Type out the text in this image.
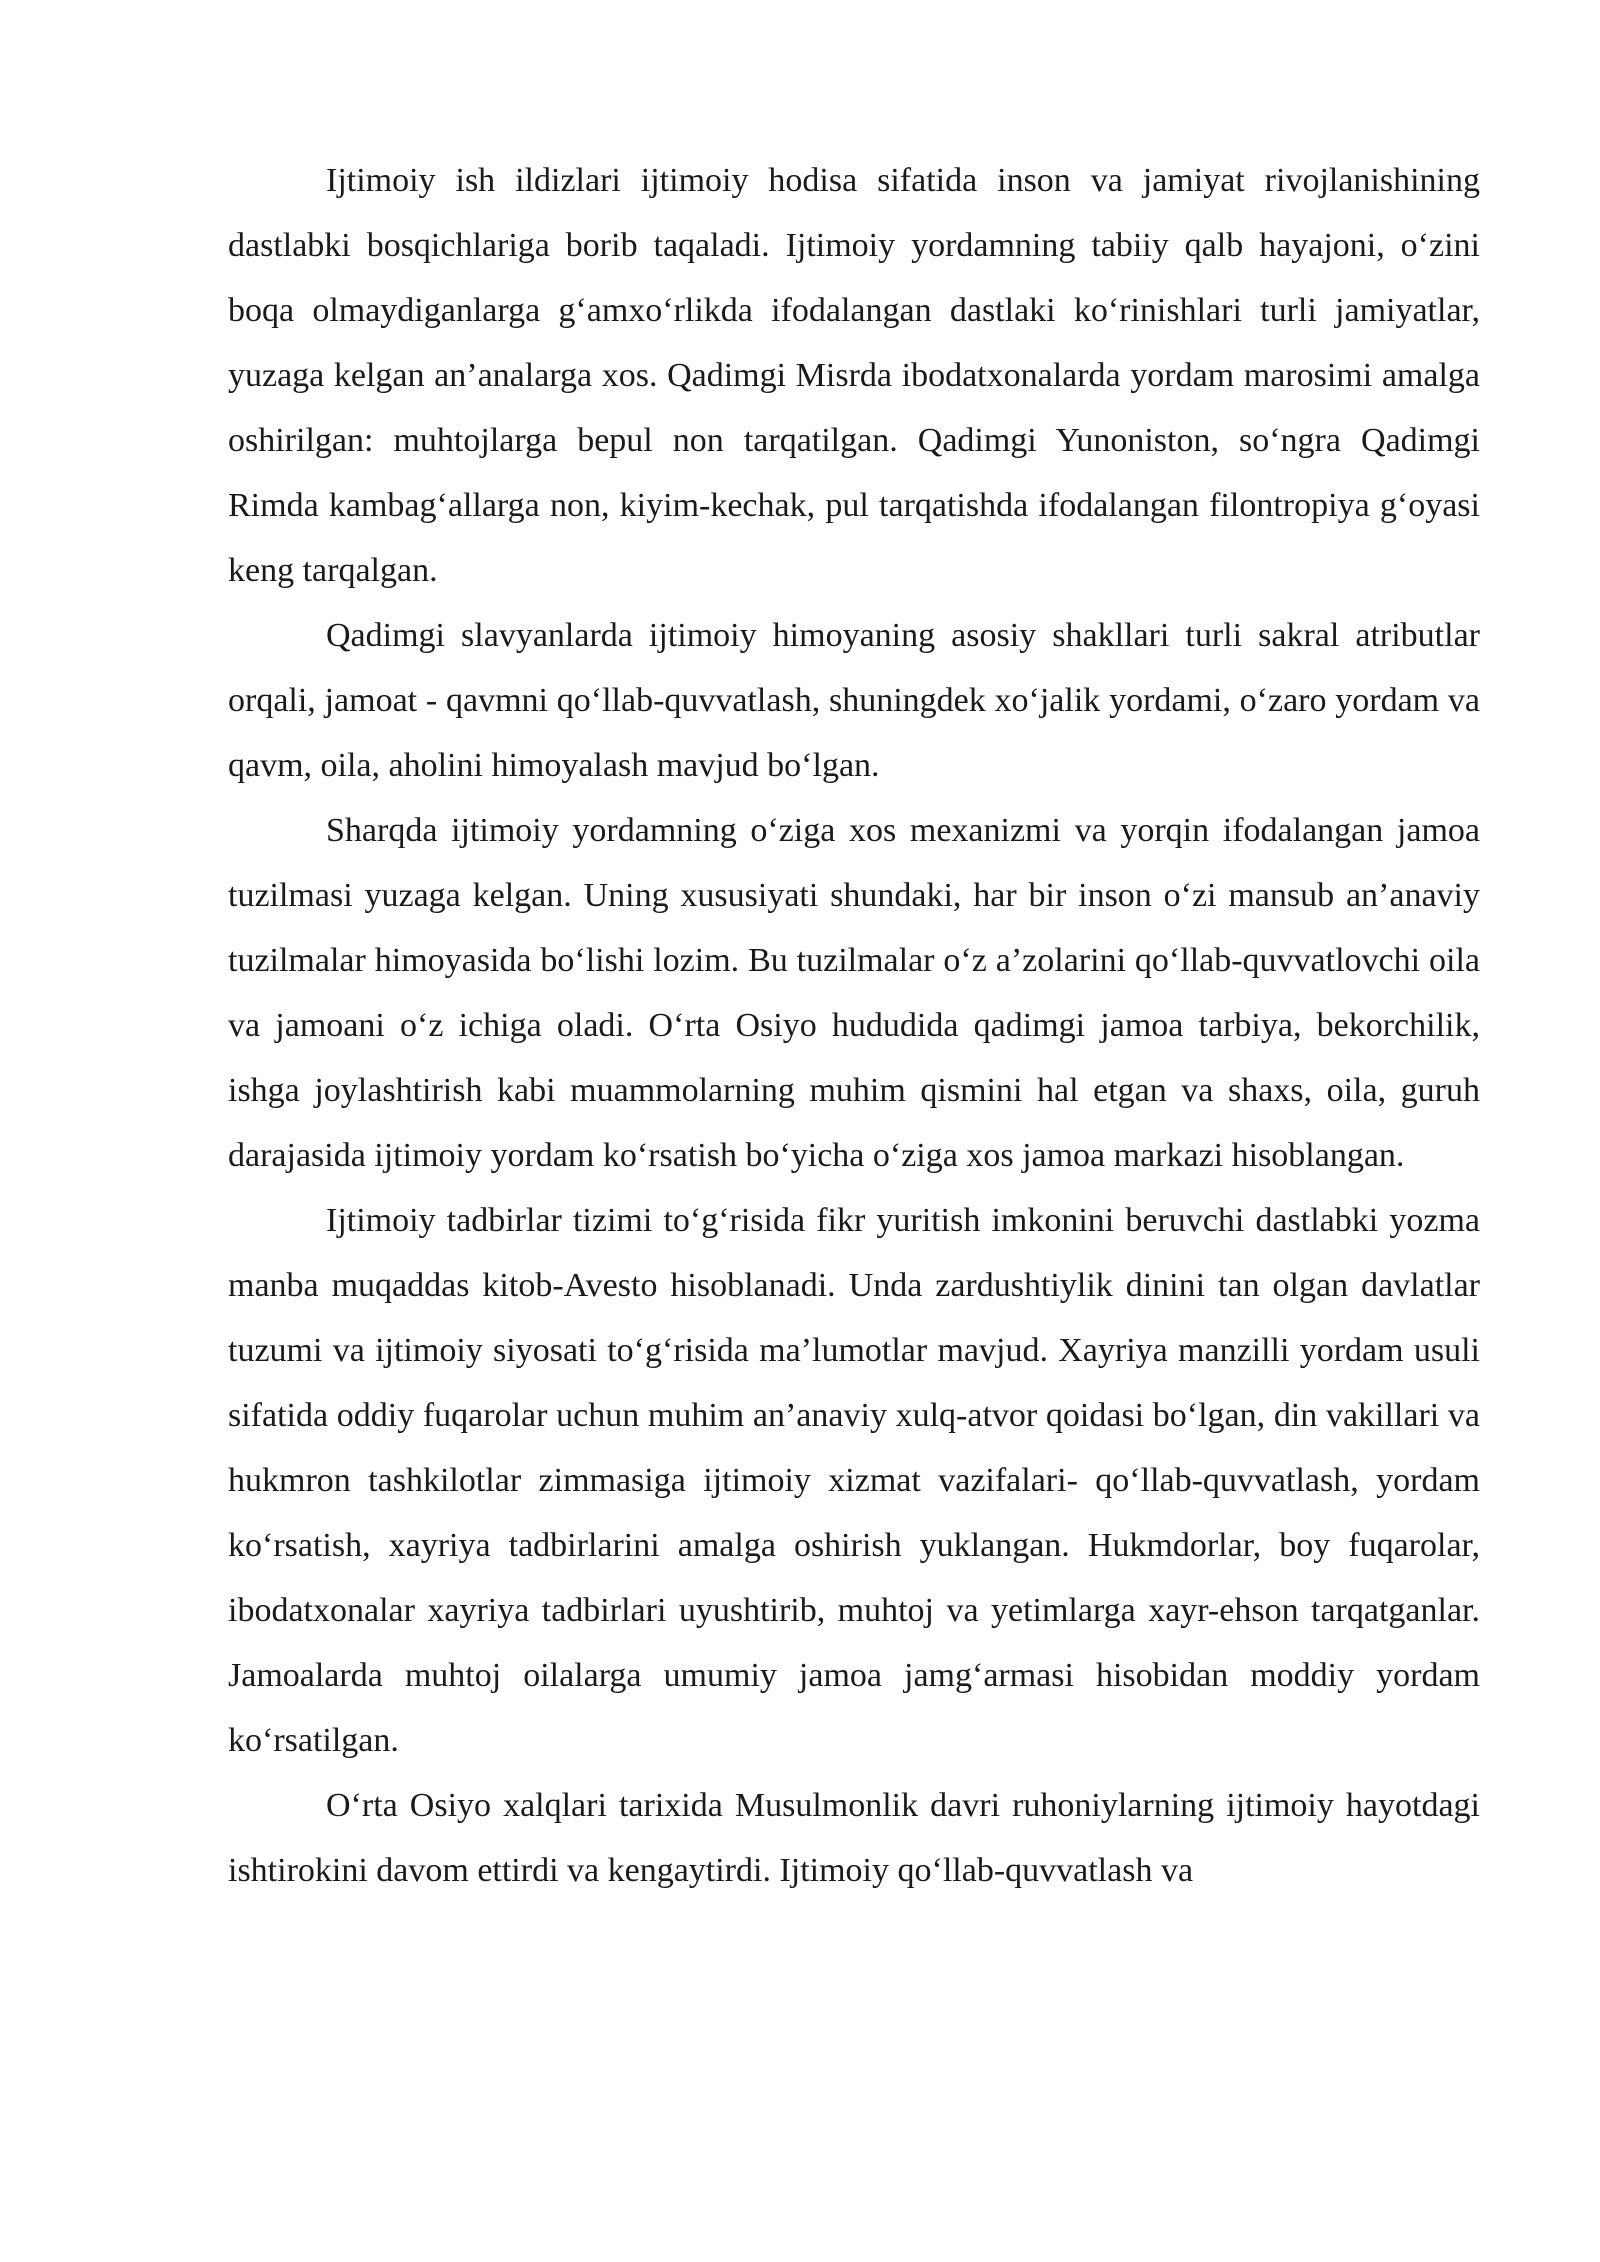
Ijtimoiy ish ildizlari ijtimoiy hodisa sifatida inson va jamiyat rivojlanishining dastlabki bosqichlariga borib taqaladi. Ijtimoiy yordamning tabiiy qalb hayajoni, o‘zini boqa olmaydiganlarga g‘amxo‘rlikda ifodalangan dastlaki ko‘rinishlari turli jamiyatlar, yuzaga kelgan an’analarga xos. Qadimgi Misrda ibodatxonalarda yordam marosimi amalga oshirilgan: muhtojlarga bepul non tarqatilgan. Qadimgi Yunoniston, so‘ngra Qadimgi Rimda kambag‘allarga non, kiyim-kechak, pul tarqatishda ifodalangan filontropiya g‘oyasi keng tarqalgan.

Qadimgi slavyanlarda ijtimoiy himoyaning asosiy shakllari turli sakral atributlar orqali, jamoat - qavmni qo‘llab-quvvatlash, shuningdek xo‘jalik yordami, o‘zaro yordam va qavm, oila, aholini himoyalash mavjud bo‘lgan.

Sharqda ijtimoiy yordamning o‘ziga xos mexanizmi va yorqin ifodalangan jamoa tuzilmasi yuzaga kelgan. Uning xususiyati shundaki, har bir inson o‘zi mansub an’anaviy tuzilmalar himoyasida bo‘lishi lozim. Bu tuzilmalar o‘z a’zolarini qo‘llab-quvvatlovchi oila va jamoani o‘z ichiga oladi. O‘rta Osiyo hududida qadimgi jamoa tarbiya, bekorchilik, ishga joylashtirish kabi muammolarning muhim qismini hal etgan va shaxs, oila, guruh darajasida ijtimoiy yordam ko‘rsatish bo‘yicha o‘ziga xos jamoa markazi hisoblangan.

Ijtimoiy tadbirlar tizimi to‘g‘risida fikr yuritish imkonini beruvchi dastlabki yozma manba muqaddas kitob-Avesto hisoblanadi. Unda zardushtiylik dinini tan olgan davlatlar tuzumi va ijtimoiy siyosati to‘g‘risida ma’lumotlar mavjud. Xayriya manzilli yordam usuli sifatida oddiy fuqarolar uchun muhim an’anaviy xulq-atvor qoidasi bo‘lgan, din vakillari va hukmron tashkilotlar zimmasiga ijtimoiy xizmat vazifalari- qo‘llab-quvvatlash, yordam ko‘rsatish, xayriya tadbirlarini amalga oshirish yuklangan. Hukmdorlar, boy fuqarolar, ibodatxonalar xayriya tadbirlari uyushtirib, muhtoj va yetimlarga xayr-ehson tarqatganlar. Jamoalarda muhtoj oilalarga umumiy jamoa jamg‘armasi hisobidan moddiy yordam ko‘rsatilgan.

O‘rta Osiyo xalqlari tarixida Musulmonlik davri ruhoniylarning ijtimoiy hayotdagi ishtirokini davom ettirdi va kengaytirdi. Ijtimoiy qo‘llab-quvvatlash va
